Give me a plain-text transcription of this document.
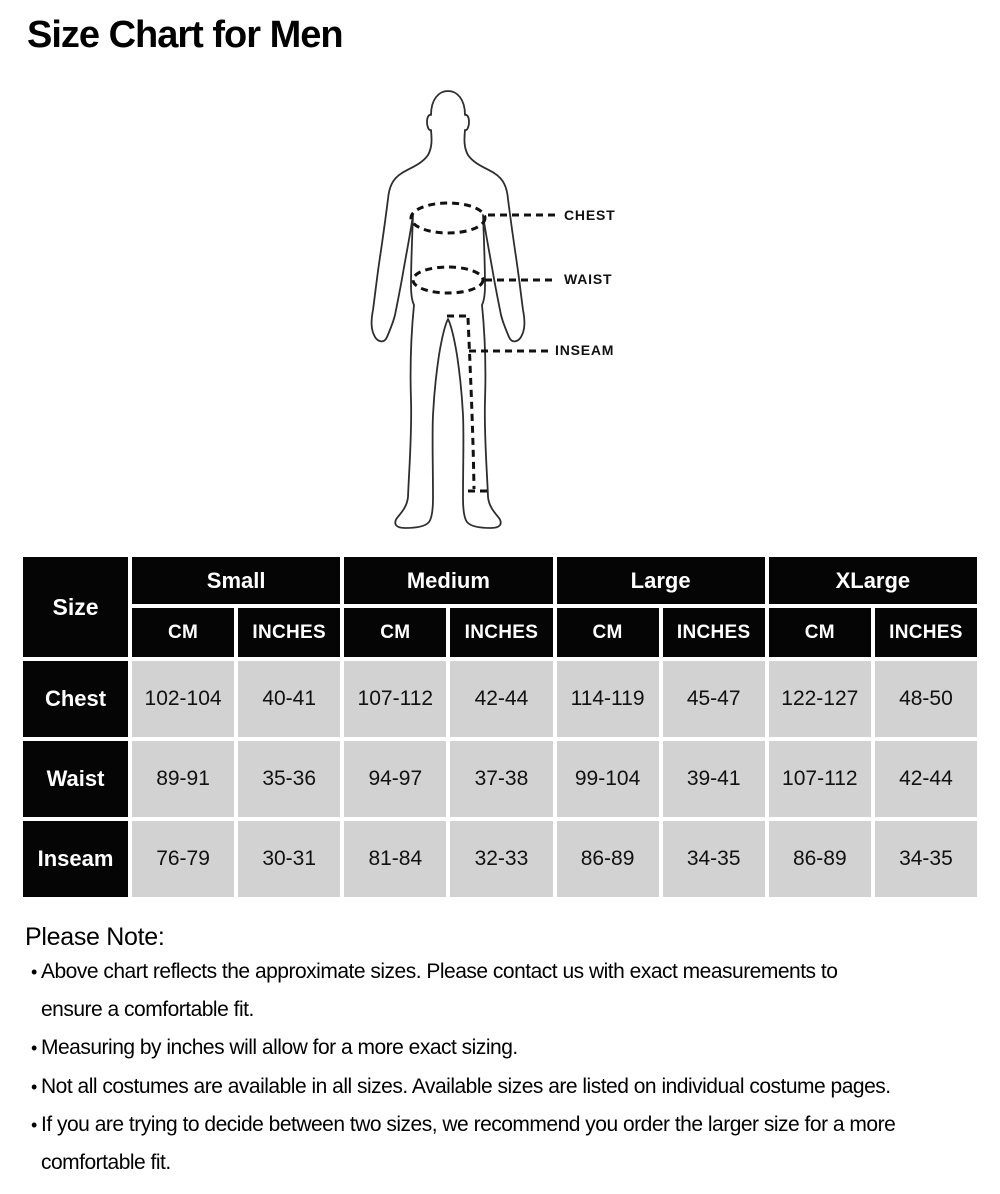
Size Chart for Men
CHEST
WAIST
INSEAM
Size
Small	Medium	Large	XLarge
CM	INCHES	CM	INCHES	CM	INCHES	CM	INCHES
Chest	102-104	40-41	107-112	42-44	114-119	45-47	122-127	48-50
Waist	89-91	35-36	94-97	37-38	99-104	39-41	107-112	42-44
Inseam	76-79	30-31	81-84	32-33	86-89	34-35	86-89	34-35
Please Note:
• Above chart reflects the approximate sizes. Please contact us with exact measurements to
ensure a comfortable fit.
• Measuring by inches will allow for a more exact sizing.
• Not all costumes are available in all sizes. Available sizes are listed on individual costume pages.
• If you are trying to decide between two sizes, we recommend you order the larger size for a more
comfortable fit.
